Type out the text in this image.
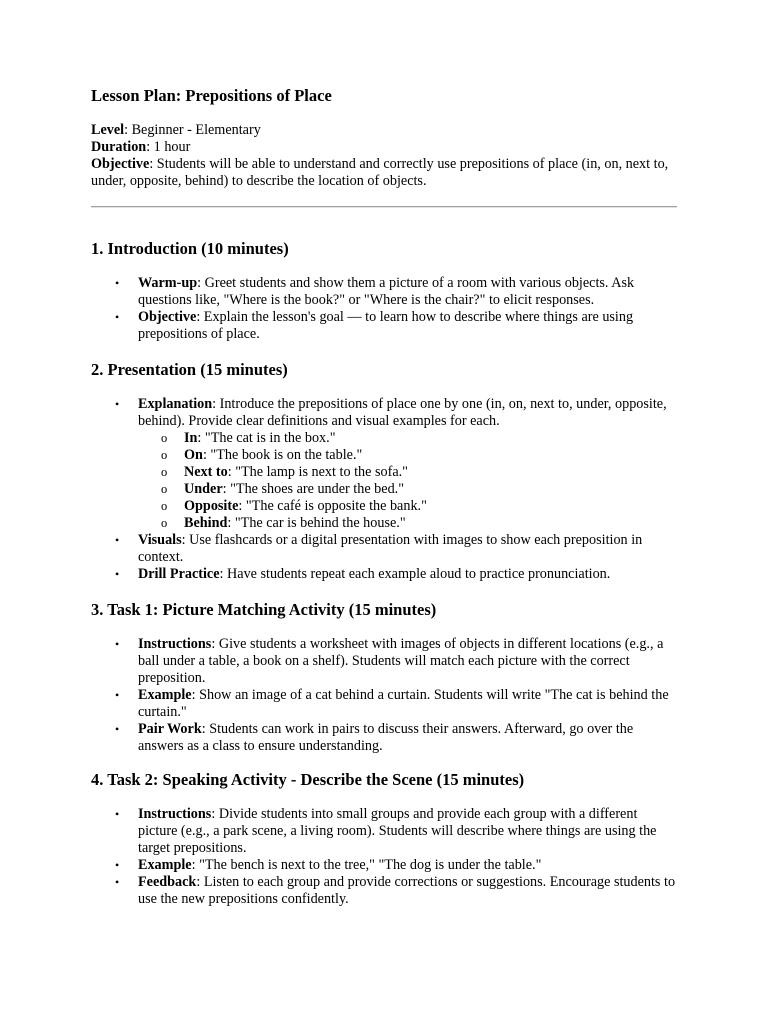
Lesson Plan: Prepositions of Place

Level: Beginner - Elementary

Duration: 1 hour

Objective: Students will be able to understand and correctly use prepositions of place (in, on, next to, under, opposite, behind) to describe the location of objects.

1. Introduction (10 minutes)
• Warm-up: Greet students and show them a picture of a room with various objects. Ask questions like, "Where is the book?" or "Where is the chair?" to elicit responses.
• Objective: Explain the lesson's goal — to learn how to describe where things are using prepositions of place.
2. Presentation (15 minutes)
• Explanation: Introduce the prepositions of place one by one (in, on, next to, under, opposite, behind). Provide clear definitions and visual examples for each.
o In: "The cat is in the box."
o On: "The book is on the table."
o Next to: "The lamp is next to the sofa."
o Under: "The shoes are under the bed."
o Opposite: "The café is opposite the bank."
o Behind: "The car is behind the house."
• Visuals: Use flashcards or a digital presentation with images to show each preposition in context.
• Drill Practice: Have students repeat each example aloud to practice pronunciation.
3. Task 1: Picture Matching Activity (15 minutes)
• Instructions: Give students a worksheet with images of objects in different locations (e.g., a ball under a table, a book on a shelf). Students will match each picture with the correct preposition.
• Example: Show an image of a cat behind a curtain. Students will write "The cat is behind the curtain."
• Pair Work: Students can work in pairs to discuss their answers. Afterward, go over the answers as a class to ensure understanding.
4. Task 2: Speaking Activity - Describe the Scene (15 minutes)
• Instructions: Divide students into small groups and provide each group with a different picture (e.g., a park scene, a living room). Students will describe where things are using the target prepositions.
• Example: "The bench is next to the tree," "The dog is under the table."
• Feedback: Listen to each group and provide corrections or suggestions. Encourage students to use the new prepositions confidently.
